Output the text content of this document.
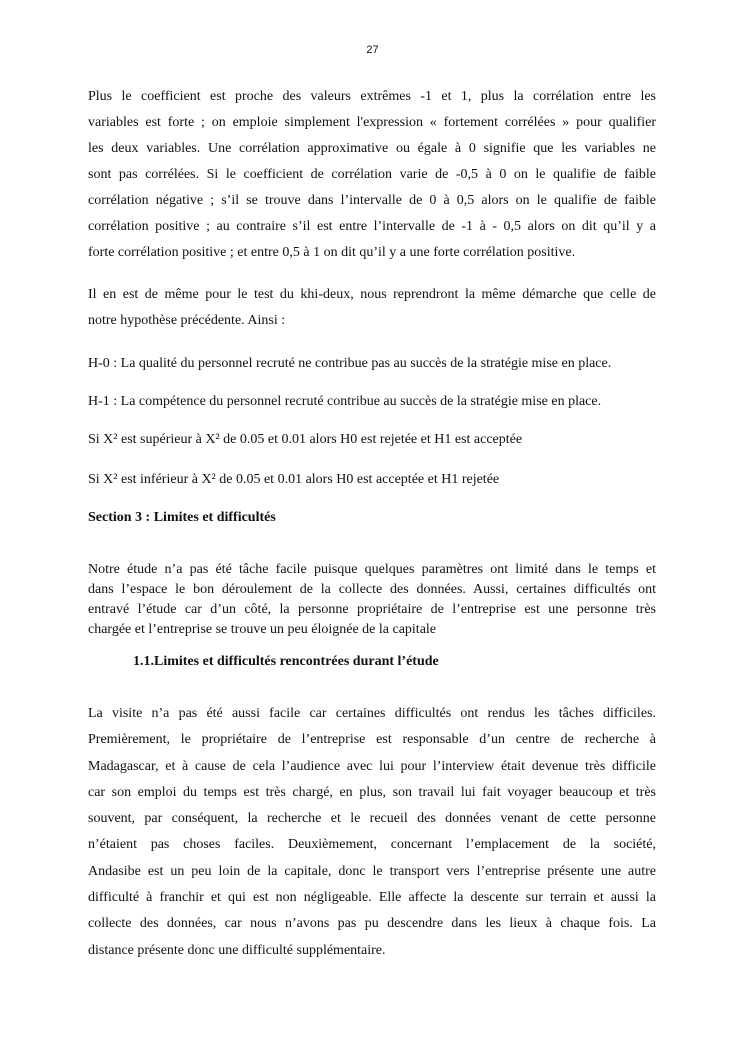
27
Plus le coefficient est proche des valeurs extrêmes -1 et 1, plus la corrélation entre les
variables est forte ; on emploie simplement l'expression « fortement corrélées » pour qualifier
les deux variables. Une corrélation approximative ou égale à 0 signifie que les variables ne
sont pas corrélées. Si le coefficient de corrélation varie de -0,5 à 0 on le qualifie de faible
corrélation négative ; s’il se trouve dans l’intervalle de 0 à 0,5 alors on le qualifie de faible
corrélation positive ; au contraire s’il est entre l’intervalle de -1 à - 0,5 alors on dit qu’il y a
forte corrélation positive ; et entre 0,5 à 1 on dit qu’il y a une forte corrélation positive.
Il en est de même pour le test du khi-deux, nous reprendront la même démarche que celle de
notre hypothèse précédente. Ainsi :
H-0 : La qualité du personnel recruté ne contribue pas au succès de la stratégie mise en place.
H-1 : La compétence du personnel recruté contribue au succès de la stratégie mise en place.
Si X² est supérieur à X² de 0.05 et 0.01 alors H0 est rejetée et H1 est acceptée
Si X² est inférieur à X² de 0.05 et 0.01 alors H0 est acceptée et H1 rejetée
Section 3 : Limites et difficultés
Notre étude n’a pas été tâche facile puisque quelques paramètres ont limité dans le temps et
dans l’espace le bon déroulement de la collecte des données. Aussi, certaines difficultés ont
entravé l’étude car d’un côté, la personne propriétaire de l’entreprise est une personne très
chargée et l’entreprise se trouve un peu éloignée de la capitale
1.1.Limites et difficultés rencontrées durant l’étude
La visite n’a pas été aussi facile car certaines difficultés ont rendus les tâches difficiles.
Premièrement, le propriétaire de l’entreprise est responsable d’un centre de recherche à
Madagascar, et à cause de cela l’audience avec lui pour l’interview était devenue très difficile
car son emploi du temps est très chargé, en plus, son travail lui fait voyager beaucoup et très
souvent, par conséquent, la recherche et le recueil des données venant de cette personne
n’étaient pas choses faciles. Deuxièmement, concernant l’emplacement de la société,
Andasibe est un peu loin de la capitale, donc le transport vers l’entreprise présente une autre
difficulté à franchir et qui est non négligeable. Elle affecte la descente sur terrain et aussi la
collecte des données, car nous n’avons pas pu descendre dans les lieux à chaque fois. La
distance présente donc une difficulté supplémentaire.
